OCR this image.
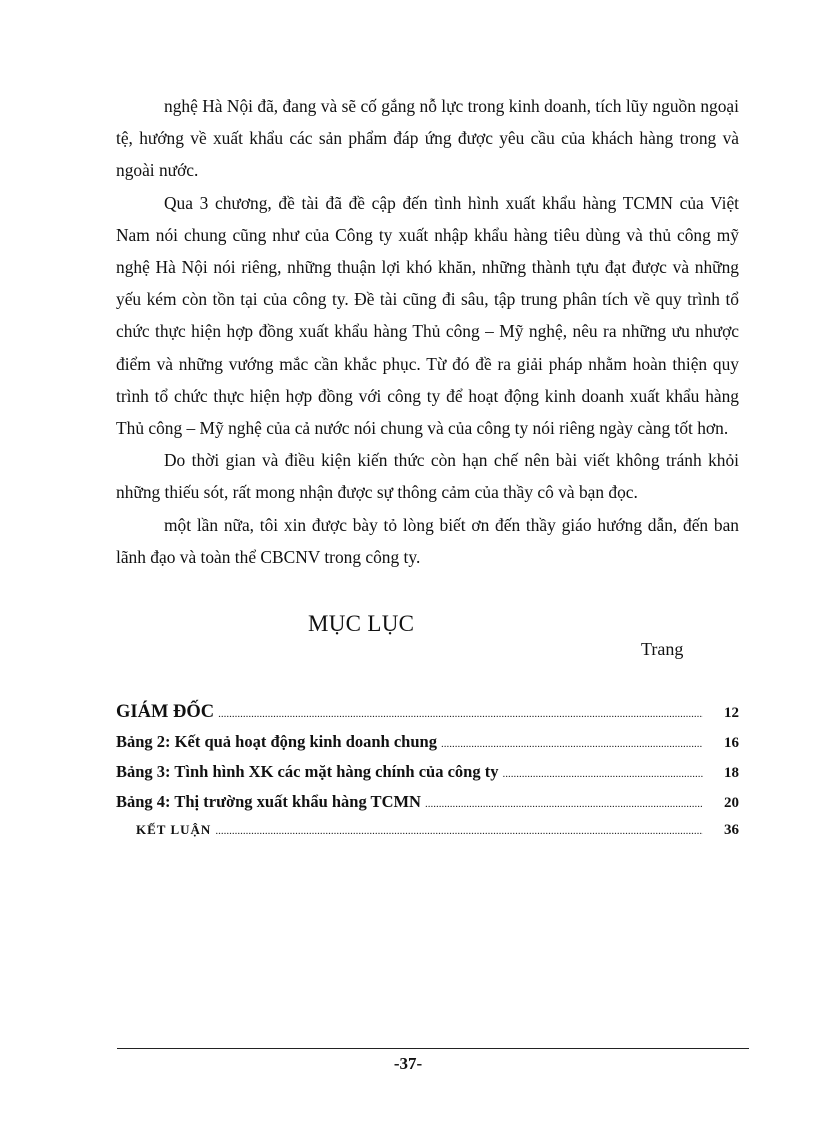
nghệ Hà Nội đã, đang và sẽ cố gắng nỗ lực trong kinh doanh, tích lũy nguồn ngoại tệ, hướng về xuất khẩu các sản phẩm đáp ứng được yêu cầu của khách hàng trong và ngoài nước.

Qua 3 chương, đề tài đã đề cập đến tình hình xuất khẩu hàng TCMN của Việt Nam nói chung cũng như của Công ty xuất nhập khẩu hàng tiêu dùng và thủ công mỹ nghệ Hà Nội nói riêng, những thuận lợi khó khăn, những thành tựu đạt được và những yếu kém còn tồn tại của công ty. Đề tài cũng đi sâu, tập trung phân tích về quy trình tổ chức thực hiện hợp đồng xuất khẩu hàng Thủ công – Mỹ nghệ, nêu ra những ưu nhược điểm và những vướng mắc cần khắc phục. Từ đó đề ra giải pháp nhằm hoàn thiện quy trình tổ chức thực hiện hợp đồng với công ty để hoạt động kinh doanh xuất khẩu hàng Thủ công – Mỹ nghệ của cả nước nói chung và của công ty nói riêng ngày càng tốt hơn.

Do thời gian và điều kiện kiến thức còn hạn chế nên bài viết không tránh khỏi những thiếu sót, rất mong nhận được sự thông cảm của thầy cô và bạn đọc.

một lần nữa, tôi xin được bày tỏ lòng biết ơn đến thầy giáo hướng dẫn, đến ban lãnh đạo và toàn thể CBCNV trong công ty.

MỤC LỤC
Trang
GIÁM ĐỐC .....	12
Bảng 2: Kết quả hoạt động kinh doanh chung .....	16
Bảng 3: Tình hình XK các mặt hàng chính của công ty .....	18
Bảng 4: Thị trường xuất khẩu hàng TCMN .....	20
KẾT LUẬN .....	36
-37-
